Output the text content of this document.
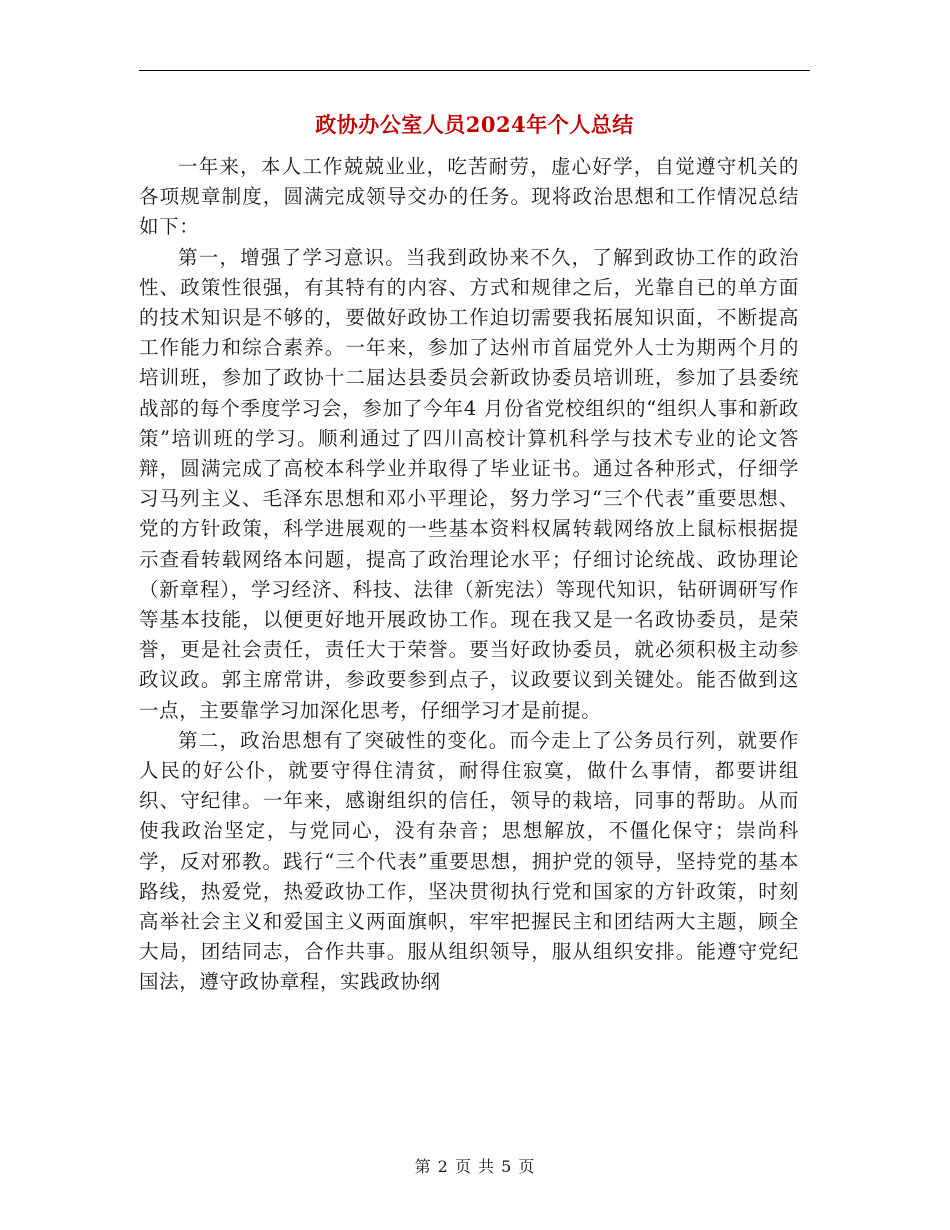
政协办公室人员2024年个人总结

一年来，本人工作兢兢业业，吃苦耐劳，虚心好学，自觉遵守机关的各项规章制度，圆满完成领导交办的任务。现将政治思想和工作情况总结如下：

第一，增强了学习意识。当我到政协来不久，了解到政协工作的政治性、政策性很强，有其特有的内容、方式和规律之后，光靠自已的单方面的技术知识是不够的，要做好政协工作迫切需要我拓展知识面，不断提高工作能力和综合素养。一年来，参加了达州市首届党外人士为期两个月的培训班，参加了政协十二届达县委员会新政协委员培训班，参加了县委统战部的每个季度学习会，参加了今年4 月份省党校组织的“组织人事和新政策”培训班的学习。顺利通过了四川高校计算机科学与技术专业的论文答辩，圆满完成了高校本科学业并取得了毕业证书。通过各种形式，仔细学习马列主义、毛泽东思想和邓小平理论，努力学习“三个代表”重要思想、党的方针政策，科学进展观的一些基本资料权属转载网络放上鼠标根据提示查看转载网络本问题，提高了政治理论水平；仔细讨论统战、政协理论（新章程），学习经济、科技、法律（新宪法）等现代知识，钻研调研写作等基本技能，以便更好地开展政协工作。现在我又是一名政协委员，是荣誉，更是社会责任，责任大于荣誉。要当好政协委员，就必须积极主动参政议政。郭主席常讲，参政要参到点子，议政要议到关键处。能否做到这一点，主要靠学习加深化思考，仔细学习才是前提。

第二，政治思想有了突破性的变化。而今走上了公务员行列，就要作人民的好公仆，就要守得住清贫，耐得住寂寞，做什么事情，都要讲组织、守纪律。一年来，感谢组织的信任，领导的栽培，同事的帮助。从而使我政治坚定，与党同心，没有杂音；思想解放，不僵化保守；崇尚科学，反对邪教。践行“三个代表”重要思想，拥护党的领导，坚持党的基本路线，热爱党，热爱政协工作，坚决贯彻执行党和国家的方针政策，时刻高举社会主义和爱国主义两面旗帜，牢牢把握民主和团结两大主题，顾全大局，团结同志，合作共事。服从组织领导，服从组织安排。能遵守党纪国法，遵守政协章程，实践政协纲

第 2 页 共 5 页
